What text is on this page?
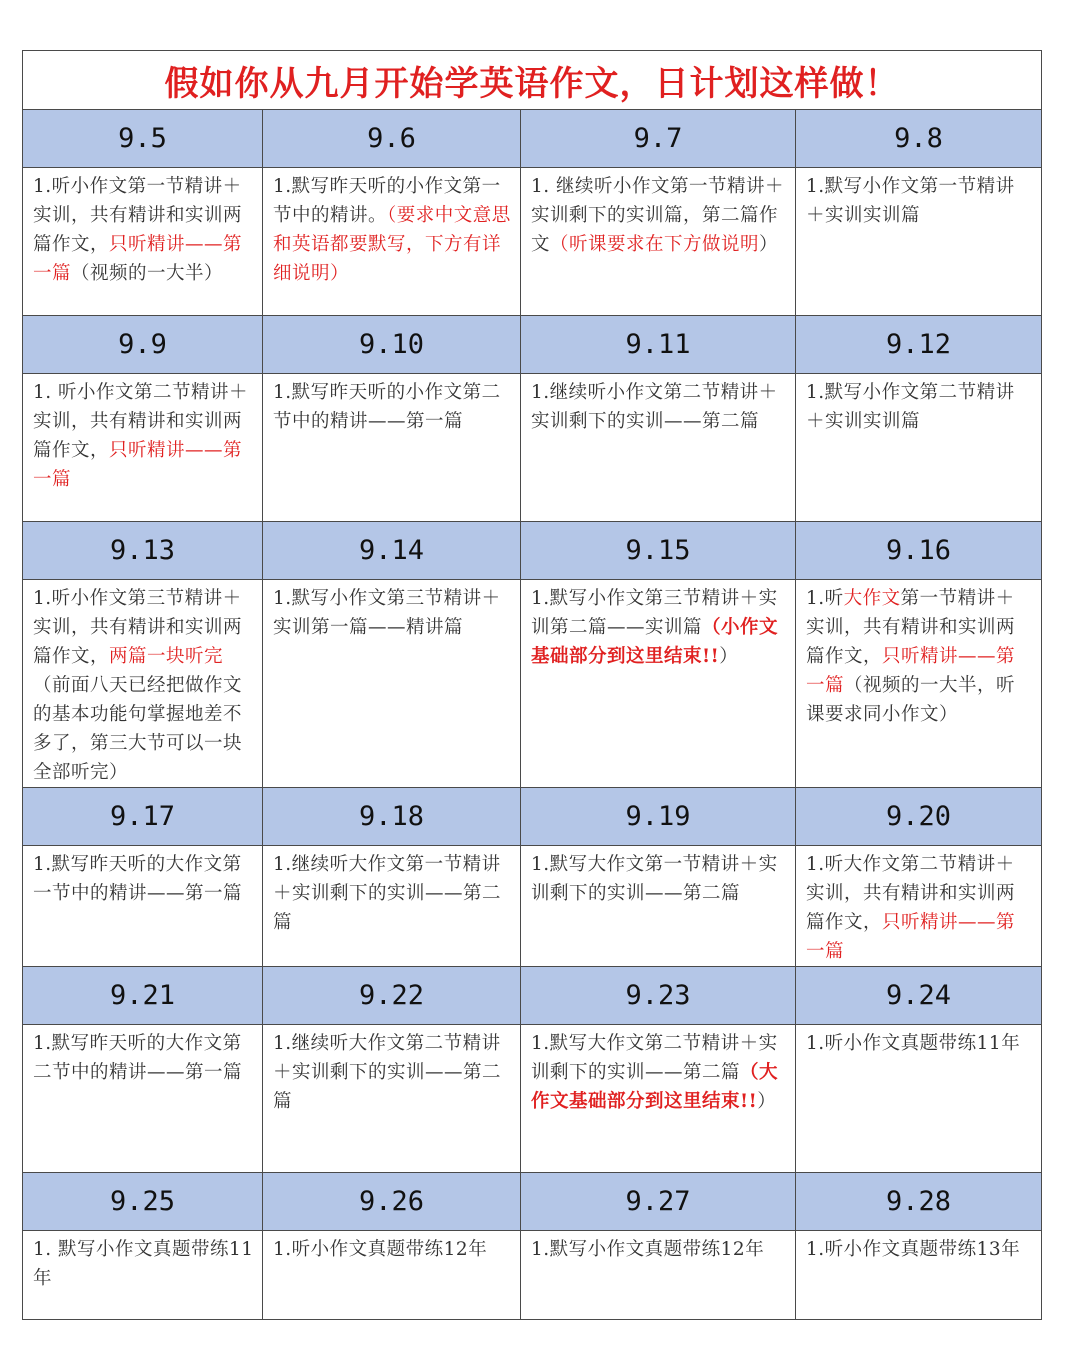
假如你从九月开始学英语作文，日计划这样做！			
9.5	9.6	9.7	9.8
1.听小作文第一节精讲＋实训，共有精讲和实训两篇作文，只听精讲——第一篇（视频的一大半）	1.默写昨天听的小作文第一节中的精讲。（要求中文意思和英语都要默写，下方有详细说明）	1. 继续听小作文第一节精讲＋实训剩下的实训篇，第二篇作文（听课要求在下方做说明）	1.默写小作文第一节精讲＋实训实训篇
9.9	9.10	9.11	9.12
1. 听小作文第二节精讲＋实训，共有精讲和实训两篇作文，只听精讲——第一篇	1.默写昨天听的小作文第二节中的精讲——第一篇	1.继续听小作文第二节精讲＋实训剩下的实训——第二篇	1.默写小作文第二节精讲＋实训实训篇
9.13	9.14	9.15	9.16
1.听小作文第三节精讲＋实训，共有精讲和实训两篇作文，两篇一块听完（前面八天已经把做作文的基本功能句掌握地差不多了，第三大节可以一块全部听完）	1.默写小作文第三节精讲＋实训第一篇——精讲篇	1.默写小作文第三节精讲＋实训第二篇——实训篇（小作文基础部分到这里结束!!）	1.听大作文第一节精讲＋实训，共有精讲和实训两篇作文，只听精讲——第一篇（视频的一大半，听课要求同小作文）
9.17	9.18	9.19	9.20
1.默写昨天听的大作文第一节中的精讲——第一篇	1.继续听大作文第一节精讲＋实训剩下的实训——第二篇	1.默写大作文第一节精讲＋实训剩下的实训——第二篇	1.听大作文第二节精讲＋实训，共有精讲和实训两篇作文，只听精讲——第一篇
9.21	9.22	9.23	9.24
1.默写昨天听的大作文第二节中的精讲——第一篇	1.继续听大作文第二节精讲＋实训剩下的实训——第二篇	1.默写大作文第二节精讲＋实训剩下的实训——第二篇（大作文基础部分到这里结束!!）	1.听小作文真题带练11年
9.25	9.26	9.27	9.28
1. 默写小作文真题带练11年	1.听小作文真题带练12年	1.默写小作文真题带练12年	1.听小作文真题带练13年
